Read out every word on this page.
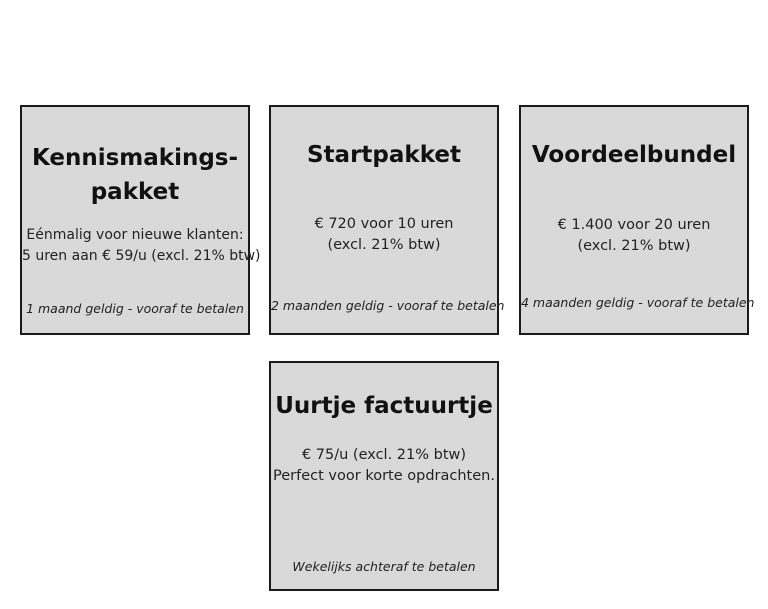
Kennismakings-
pakket
Eénmalig voor nieuwe klanten:
5 uren aan € 59/u (excl. 21% btw)
1 maand geldig - vooraf te betalen
Startpakket
€ 720 voor 10 uren
(excl. 21% btw)
2 maanden geldig - vooraf te betalen
Voordeelbundel
€ 1.400 voor 20 uren
(excl. 21% btw)
4 maanden geldig - vooraf te betalen
Uurtje factuurtje
€ 75/u (excl. 21% btw)
Perfect voor korte opdrachten.
Wekelijks achteraf te betalen
